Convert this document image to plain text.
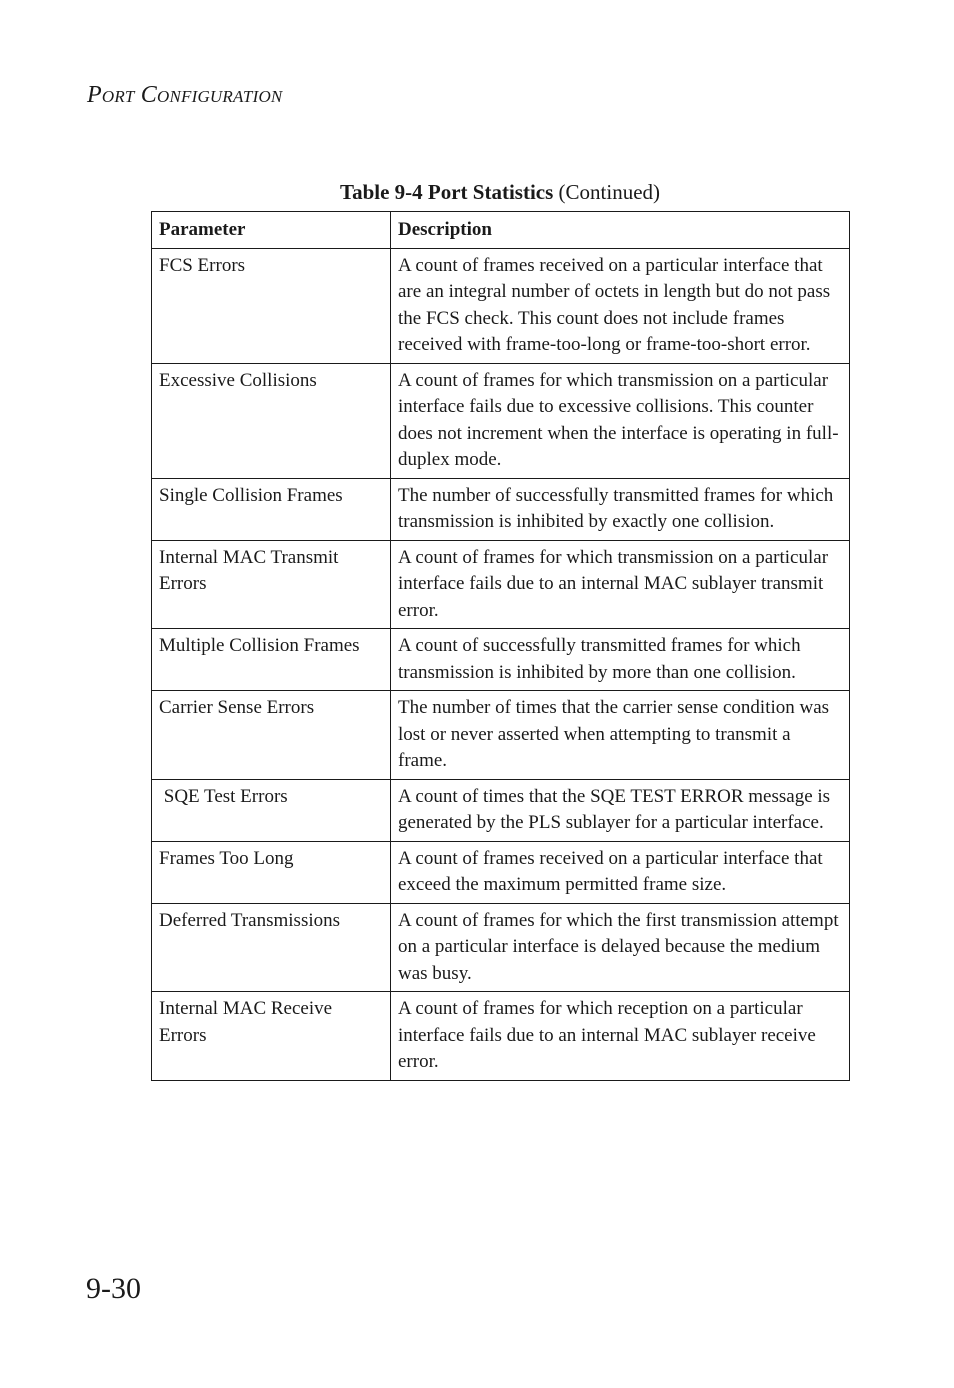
Port Configuration
Table 9-4 Port Statistics (Continued)
Parameter	Description
FCS Errors	A count of frames received on a particular interface that are an integral number of octets in length but do not pass the FCS check. This count does not include frames received with frame-too-long or frame-too-short error.
Excessive Collisions	A count of frames for which transmission on a particular interface fails due to excessive collisions. This counter does not increment when the interface is operating in full-duplex mode.
Single Collision Frames	The number of successfully transmitted frames for which transmission is inhibited by exactly one collision.
Internal MAC Transmit Errors	A count of frames for which transmission on a particular interface fails due to an internal MAC sublayer transmit error.
Multiple Collision Frames	A count of successfully transmitted frames for which transmission is inhibited by more than one collision.
Carrier Sense Errors	The number of times that the carrier sense condition was lost or never asserted when attempting to transmit a frame.
SQE Test Errors	A count of times that the SQE TEST ERROR message is generated by the PLS sublayer for a particular interface.
Frames Too Long	A count of frames received on a particular interface that exceed the maximum permitted frame size.
Deferred Transmissions	A count of frames for which the first transmission attempt on a particular interface is delayed because the medium was busy.
Internal MAC Receive Errors	A count of frames for which reception on a particular interface fails due to an internal MAC sublayer receive error.
9-30
